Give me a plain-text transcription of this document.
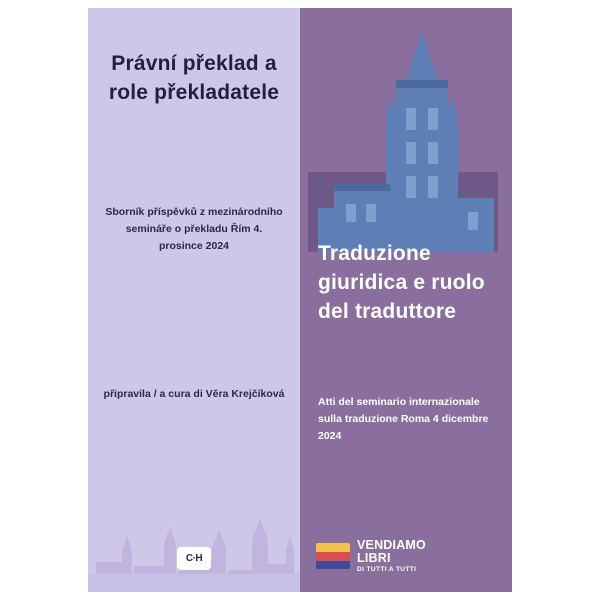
Právní překlad a role překladatele
Sborník příspěvků z mezinárodního semináře o překladu Řím 4. prosince 2024
připravila / a cura di Věra Krejčíková
C·H
Traduzione giuridica e ruolo del traduttore
Atti del seminario internazionale sulla traduzione Roma 4 dicembre 2024
VENDIAMO
LIBRI
DI TUTTI A TUTTI
